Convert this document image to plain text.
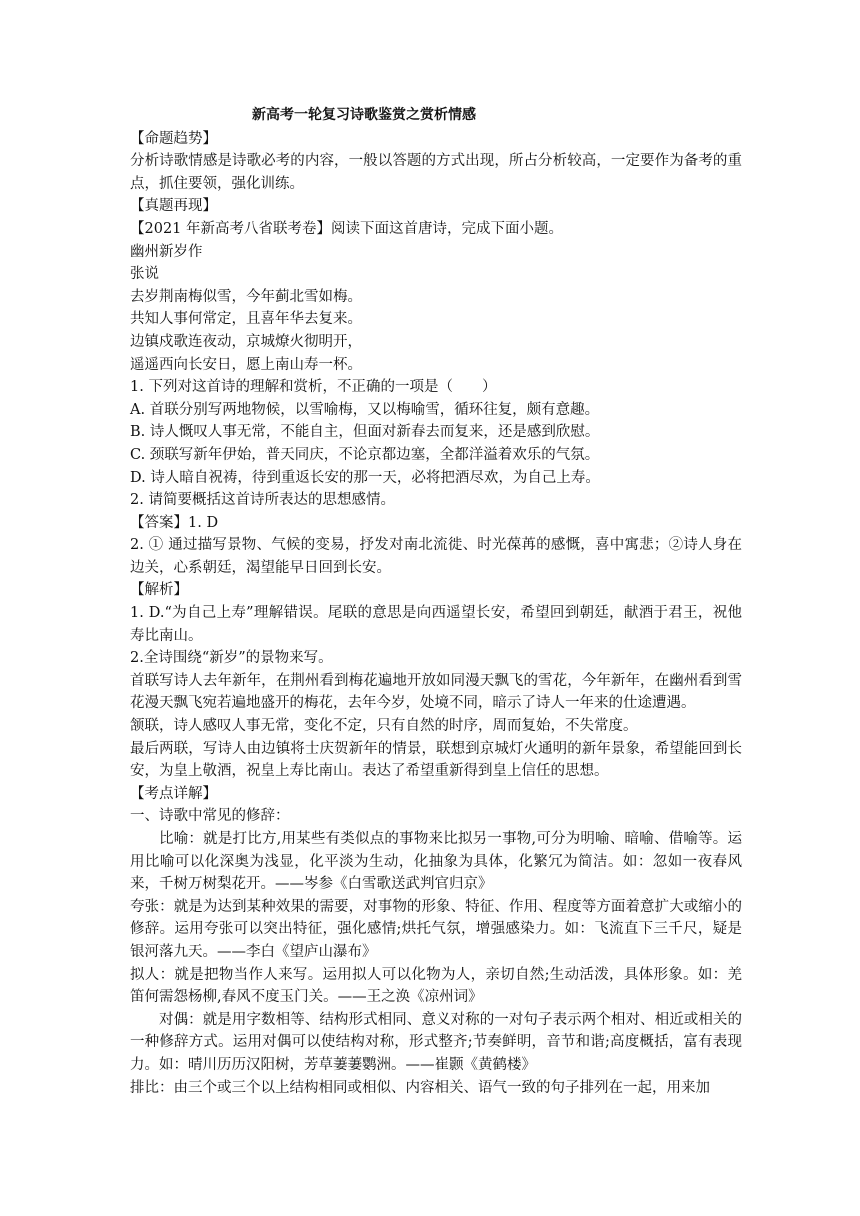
新高考一轮复习诗歌鉴赏之赏析情感
【命题趋势】
分析诗歌情感是诗歌必考的内容，一般以答题的方式出现，所占分析较高，一定要作为备考的重点，抓住要领，强化训练。
【真题再现】
【2021 年新高考八省联考卷】阅读下面这首唐诗，完成下面小题。
幽州新岁作
张说
去岁荆南梅似雪，今年蓟北雪如梅。
共知人事何常定，且喜年华去复来。
边镇戍歌连夜动，京城燎火彻明开，
遥遥西向长安日，愿上南山寿一杯。
1. 下列对这首诗的理解和赏析，不正确的一项是（　　）
A. 首联分别写两地物候，以雪喻梅，又以梅喻雪，循环往复，颇有意趣。
B. 诗人慨叹人事无常，不能自主，但面对新春去而复来，还是感到欣慰。
C. 颈联写新年伊始，普天同庆，不论京都边塞，全都洋溢着欢乐的气氛。
D. 诗人暗自祝祷，待到重返长安的那一天，必将把酒尽欢，为自己上寿。
2. 请简要概括这首诗所表达的思想感情。
【答案】1. D
2. ① 通过描写景物、气候的变易，抒发对南北流徙、时光葆苒的感慨，喜中寓悲；②诗人身在边关，心系朝廷，渴望能早日回到长安。
【解析】
1. D.“为自己上寿”理解错误。尾联的意思是向西遥望长安，希望回到朝廷，献酒于君王，祝他寿比南山。
2.全诗围绕“新岁”的景物来写。
首联写诗人去年新年，在荆州看到梅花遍地开放如同漫天飘飞的雪花，今年新年，在幽州看到雪花漫天飘飞宛若遍地盛开的梅花，去年今岁，处境不同，暗示了诗人一年来的仕途遭遇。
颔联，诗人感叹人事无常，变化不定，只有自然的时序，周而复始，不失常度。
最后两联，写诗人由边镇将士庆贺新年的情景，联想到京城灯火通明的新年景象，希望能回到长安，为皇上敬酒，祝皇上寿比南山。表达了希望重新得到皇上信任的思想。
【考点详解】
一、诗歌中常见的修辞：
比喻：就是打比方,用某些有类似点的事物来比拟另一事物,可分为明喻、暗喻、借喻等。运用比喻可以化深奥为浅显，化平淡为生动，化抽象为具体，化繁冗为简洁。如：忽如一夜春风来，千树万树梨花开。——岑参《白雪歌送武判官归京》
夸张：就是为达到某种效果的需要，对事物的形象、特征、作用、程度等方面着意扩大或缩小的修辞。运用夸张可以突出特征，强化感情;烘托气氛，增强感染力。如：飞流直下三千尺，疑是银河落九天。——李白《望庐山瀑布》
拟人：就是把物当作人来写。运用拟人可以化物为人，亲切自然;生动活泼，具体形象。如：羌笛何需怨杨柳,春风不度玉门关。——王之涣《凉州词》
对偶：就是用字数相等、结构形式相同、意义对称的一对句子表示两个相对、相近或相关的一种修辞方式。运用对偶可以使结构对称，形式整齐;节奏鲜明，音节和谐;高度概括，富有表现力。如：晴川历历汉阳树，芳草萋萋鹦洲。——崔颢《黄鹤楼》
排比：由三个或三个以上结构相同或相似、内容相关、语气一致的句子排列在一起，用来加
